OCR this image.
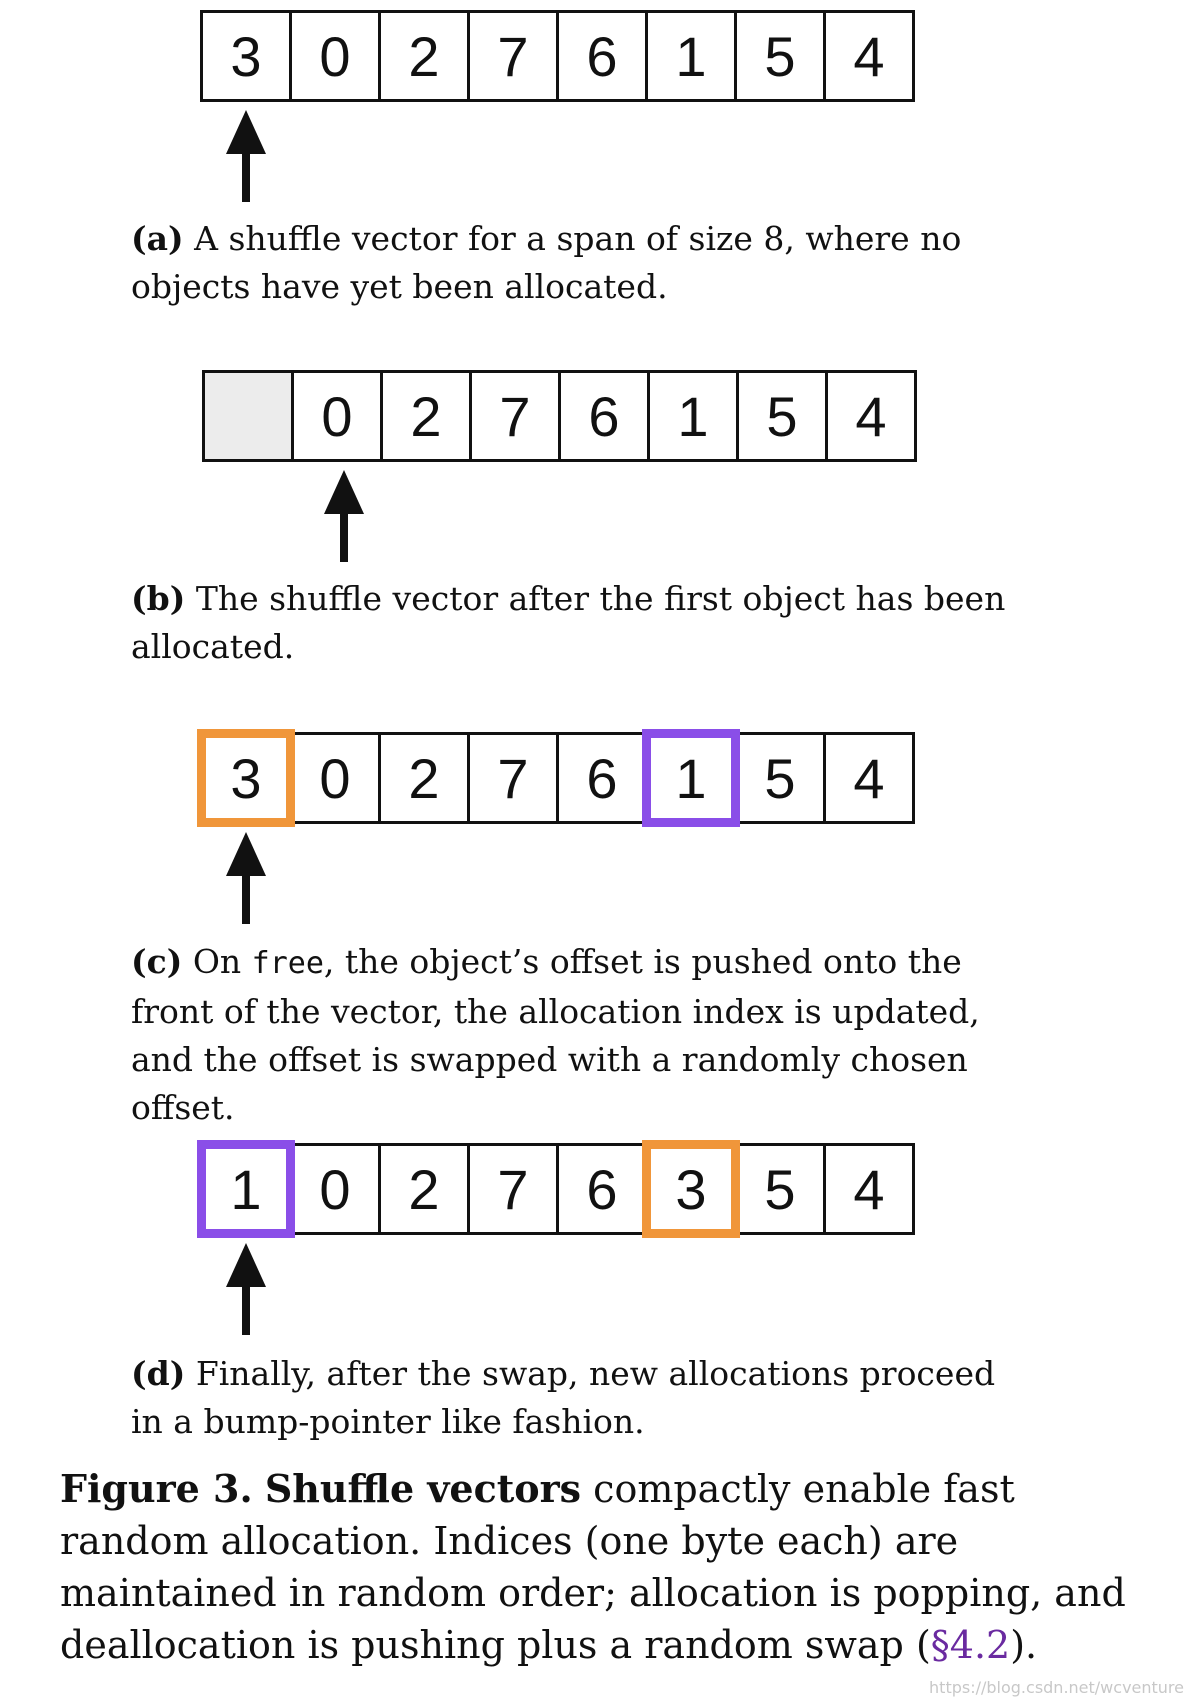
3	0	2	7	6	1	5	4
(a) A shuffle vector for a span of size 8, where no objects have yet been allocated.
0	2	7	6	1	5	4
(b) The shuffle vector after the first object has been allocated.
3	0	2	7	6	1	5	4
(c) On free, the object’s offset is pushed onto the front of the vector, the allocation index is updated, and the offset is swapped with a randomly chosen offset.
1	0	2	7	6	3	5	4
(d) Finally, after the swap, new allocations proceed in a bump-pointer like fashion.
Figure 3. Shuffle vectors compactly enable fast random allocation. Indices (one byte each) are maintained in random order; allocation is popping, and deallocation is pushing plus a random swap (§4.2).
https://blog.csdn.net/wcventure
